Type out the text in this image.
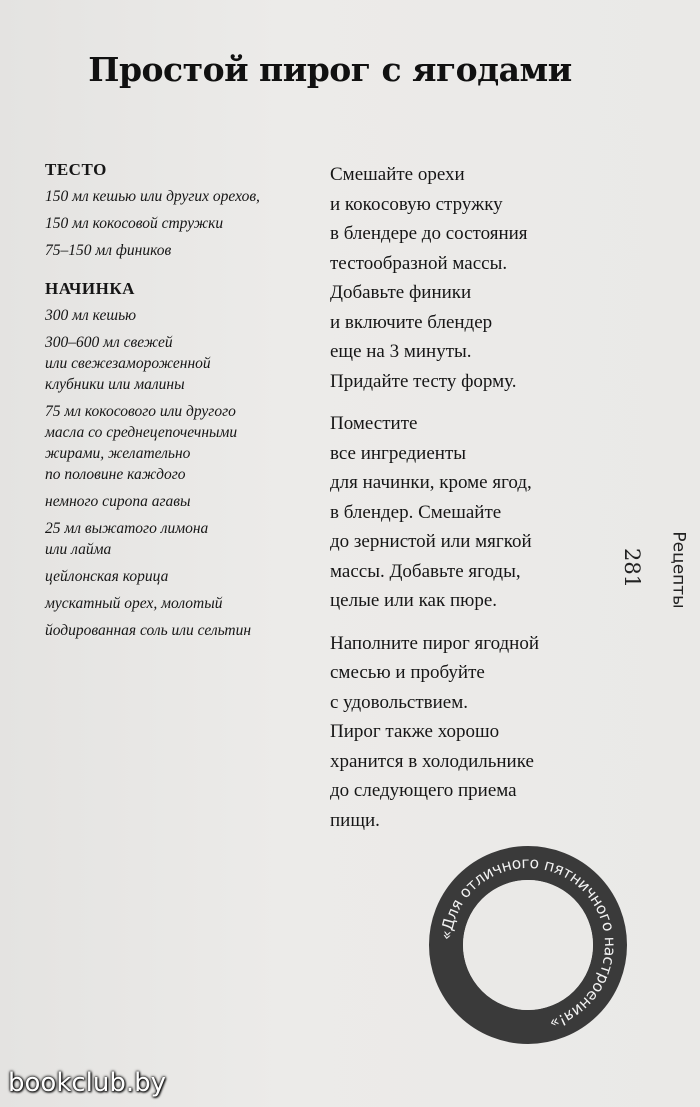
Простой пирог с ягодами
ТЕСТО
150 мл кешью или других орехов,
150 мл кокосовой стружки
75–150 мл фиников
НАЧИНКА
300 мл кешью
300–600 мл свежей
или свежезамороженной
клубники или малины
75 мл кокосового или другого
масла со среднецепочечными
жирами, желательно
по половине каждого
немного сиропа агавы
25 мл выжатого лимона
или лайма
цейлонская корица
мускатный орех, молотый
йодированная соль или сельтин
Смешайте орехи
и кокосовую стружку
в блендере до состояния
тестообразной массы.
Добавьте финики
и включите блендер
еще на 3 минуты.
Придайте тесту форму.
Поместите
все ингредиенты
для начинки, кроме ягод,
в блендер. Смешайте
до зернистой или мягкой
массы. Добавьте ягоды,
целые или как пюре.
Наполните пирог ягодной
смесью и пробуйте
с удовольствием.
Пирог также хорошо
хранится в холодильнике
до следующего приема
пищи.
Рецепты
281
«Для отличного пятничного настроения!»
bookclub.by
